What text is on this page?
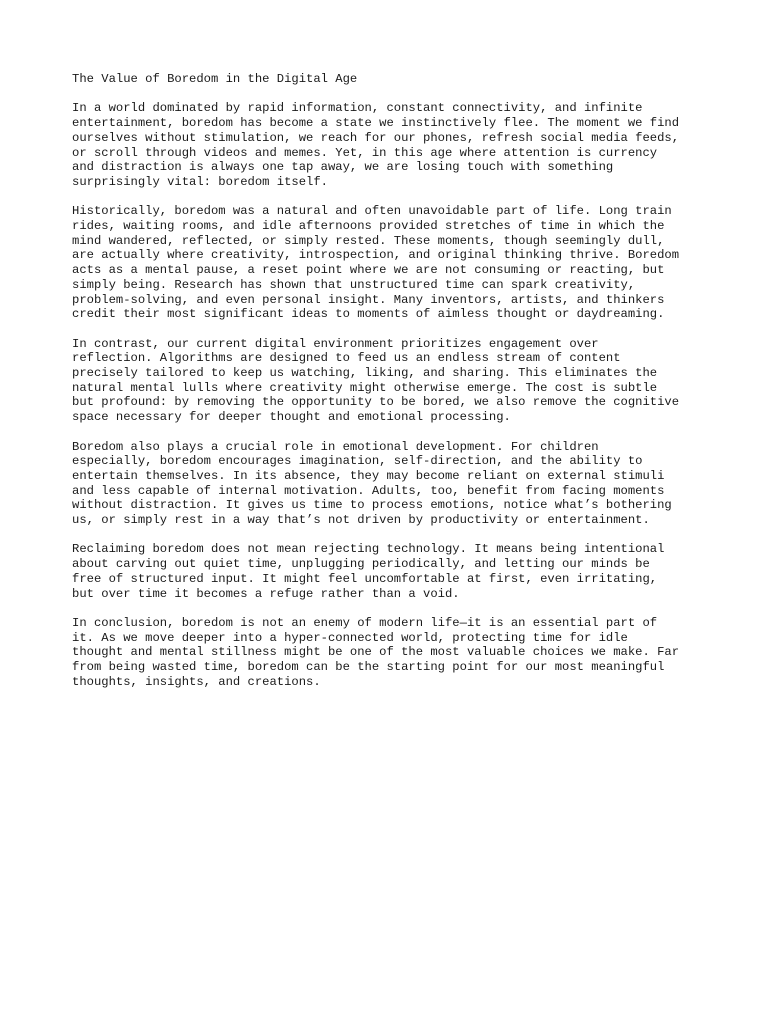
The Value of Boredom in the Digital Age
In a world dominated by rapid information, constant connectivity, and infinite
entertainment, boredom has become a state we instinctively flee. The moment we find
ourselves without stimulation, we reach for our phones, refresh social media feeds,
or scroll through videos and memes. Yet, in this age where attention is currency
and distraction is always one tap away, we are losing touch with something
surprisingly vital: boredom itself.
Historically, boredom was a natural and often unavoidable part of life. Long train
rides, waiting rooms, and idle afternoons provided stretches of time in which the
mind wandered, reflected, or simply rested. These moments, though seemingly dull,
are actually where creativity, introspection, and original thinking thrive. Boredom
acts as a mental pause, a reset point where we are not consuming or reacting, but
simply being. Research has shown that unstructured time can spark creativity,
problem-solving, and even personal insight. Many inventors, artists, and thinkers
credit their most significant ideas to moments of aimless thought or daydreaming.
In contrast, our current digital environment prioritizes engagement over
reflection. Algorithms are designed to feed us an endless stream of content
precisely tailored to keep us watching, liking, and sharing. This eliminates the
natural mental lulls where creativity might otherwise emerge. The cost is subtle
but profound: by removing the opportunity to be bored, we also remove the cognitive
space necessary for deeper thought and emotional processing.
Boredom also plays a crucial role in emotional development. For children
especially, boredom encourages imagination, self-direction, and the ability to
entertain themselves. In its absence, they may become reliant on external stimuli
and less capable of internal motivation. Adults, too, benefit from facing moments
without distraction. It gives us time to process emotions, notice what’s bothering
us, or simply rest in a way that’s not driven by productivity or entertainment.
Reclaiming boredom does not mean rejecting technology. It means being intentional
about carving out quiet time, unplugging periodically, and letting our minds be
free of structured input. It might feel uncomfortable at first, even irritating,
but over time it becomes a refuge rather than a void.
In conclusion, boredom is not an enemy of modern life—it is an essential part of
it. As we move deeper into a hyper-connected world, protecting time for idle
thought and mental stillness might be one of the most valuable choices we make. Far
from being wasted time, boredom can be the starting point for our most meaningful
thoughts, insights, and creations.
